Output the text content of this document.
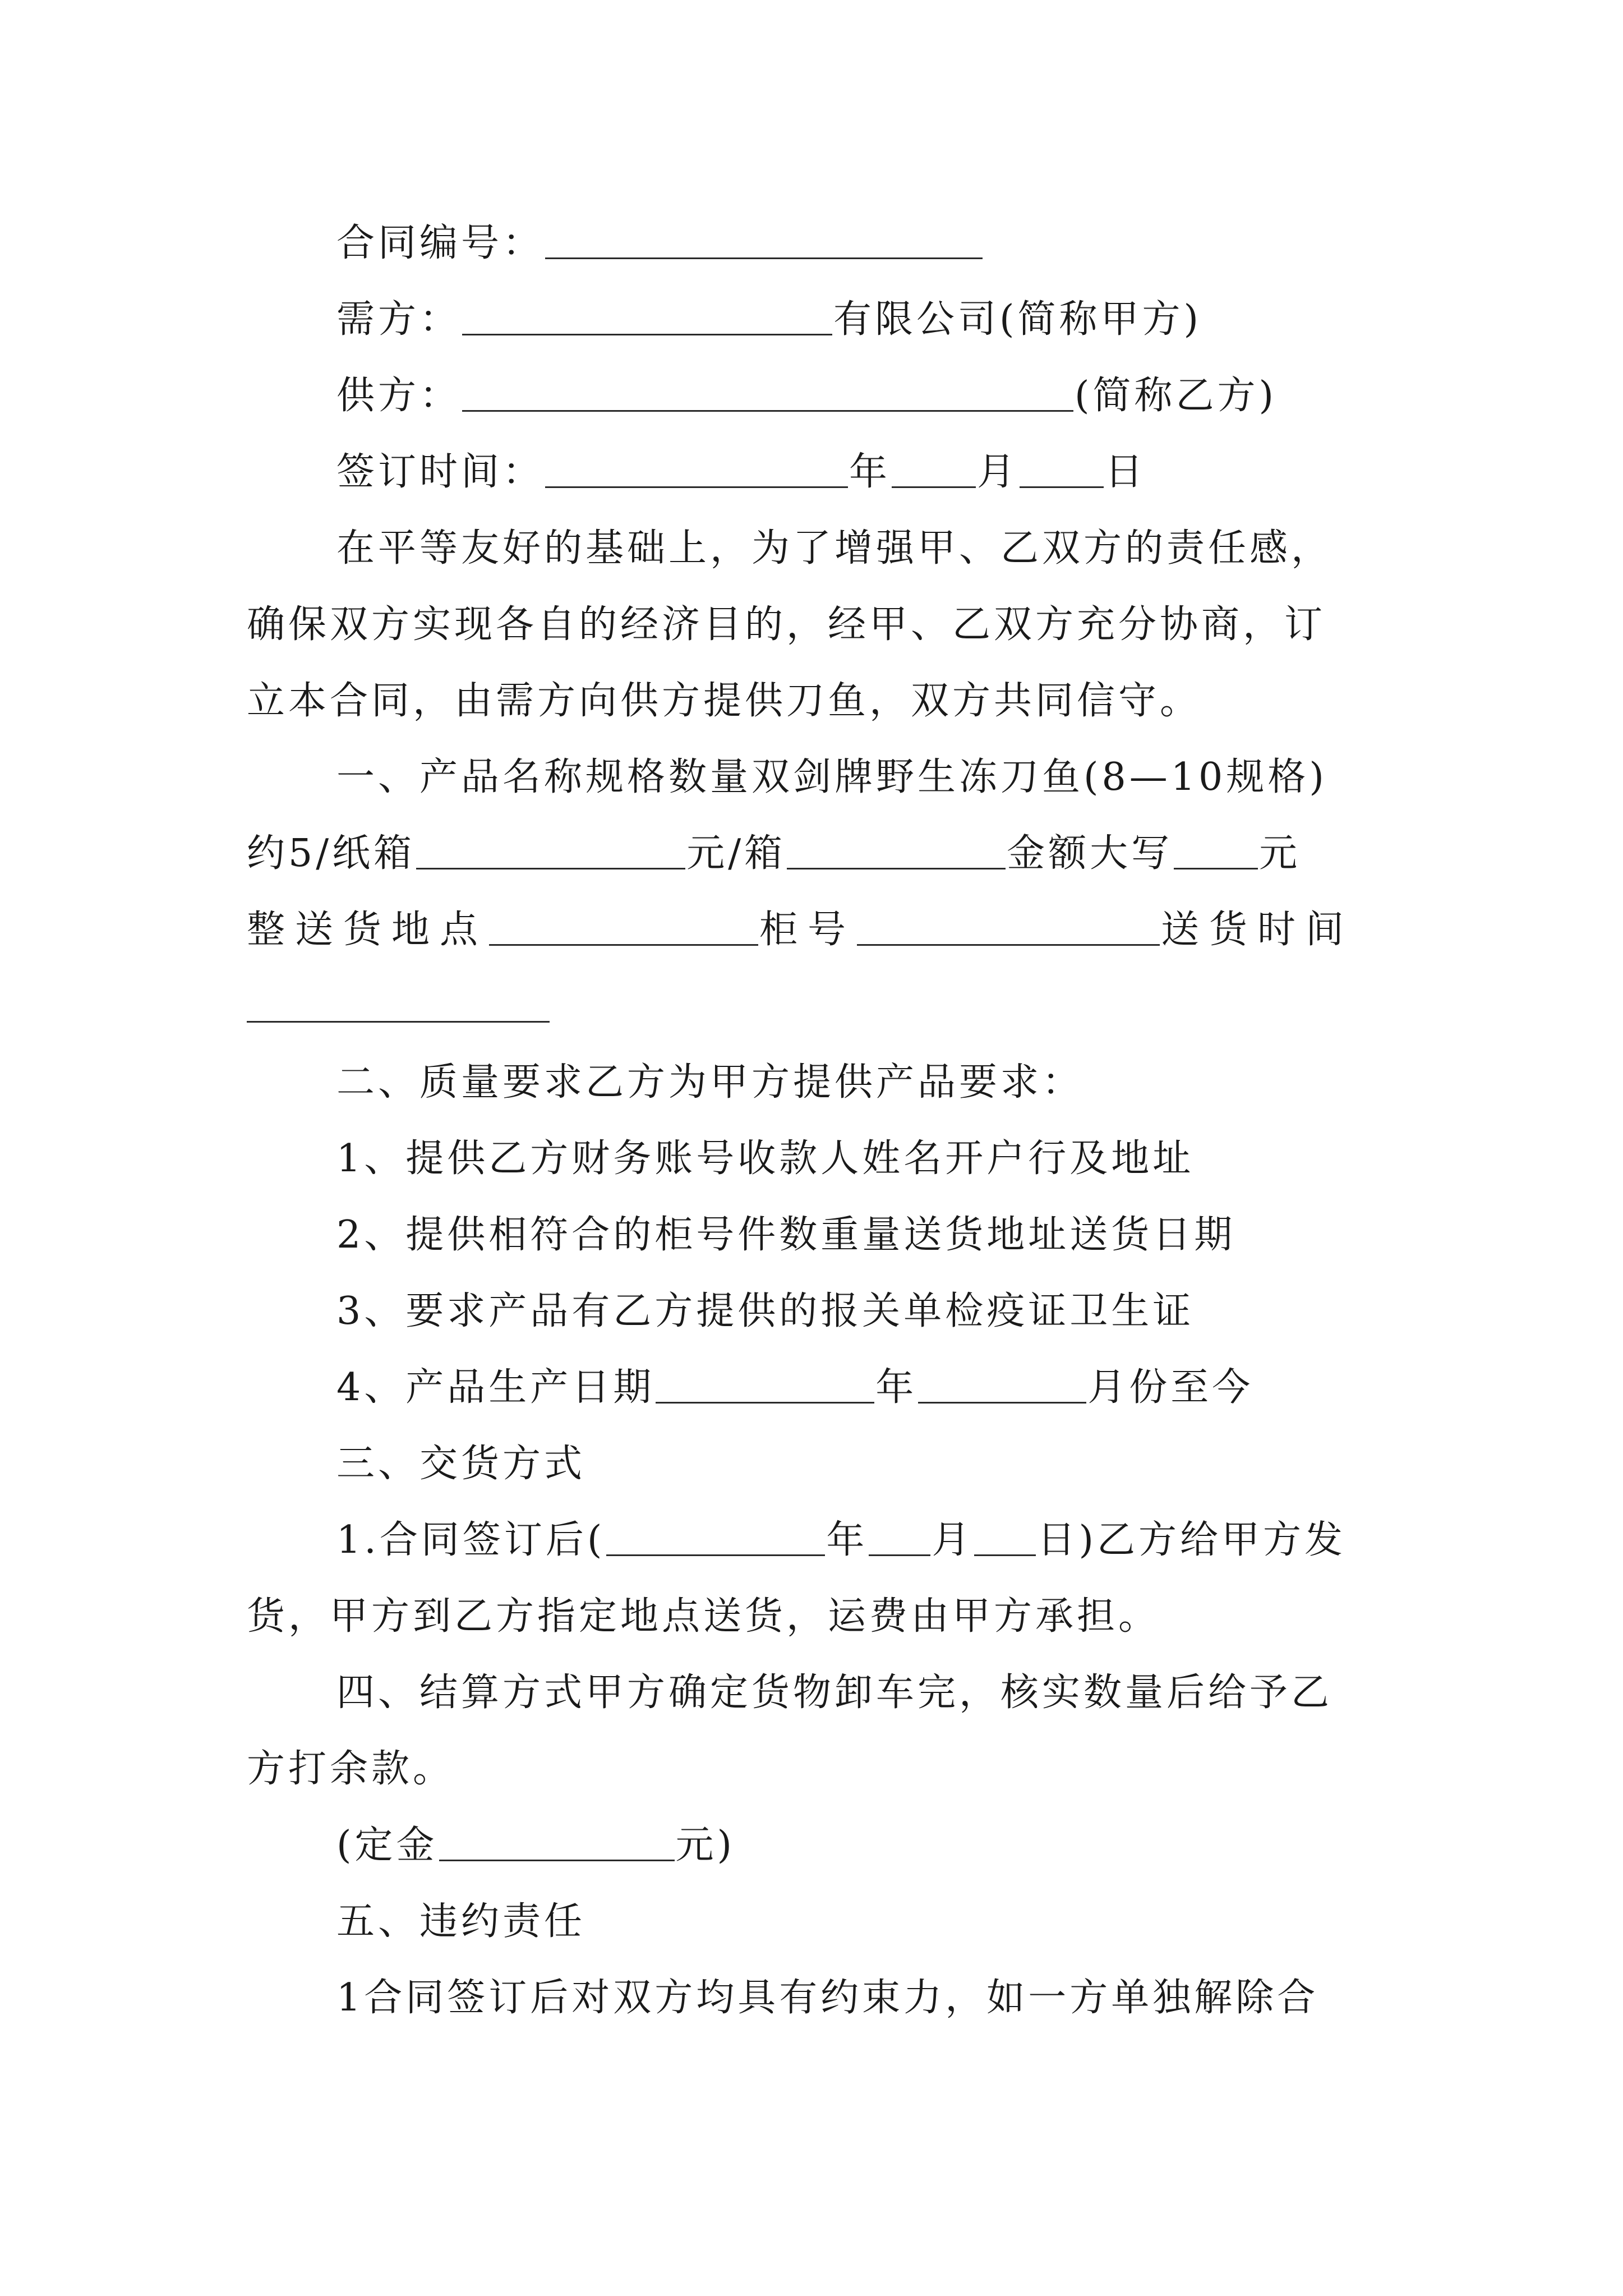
合同编号：
需方：	有限公司(简称甲方)
供方：	(简称乙方)
签订时间：	年 月 日
在平等友好的基础上，为了增强甲、乙双方的责任感，
确保双方实现各自的经济目的，经甲、乙双方充分协商，订
立本合同，由需方向供方提供刀鱼，双方共同信守。
一、产品名称规格数量双剑牌野生冻刀鱼(8—10规格)
约5/纸箱	元/箱	金额大写 元
整送货地点	柜号	送货时间
二、质量要求乙方为甲方提供产品要求：
1、提供乙方财务账号收款人姓名开户行及地址
2、提供相符合的柜号件数重量送货地址送货日期
3、要求产品有乙方提供的报关单检疫证卫生证
4、产品生产日期	年	月份至今
三、交货方式
1.合同签订后(	年 月 日)乙方给甲方发
货，甲方到乙方指定地点送货，运费由甲方承担。
四、结算方式甲方确定货物卸车完，核实数量后给予乙
方打余款。
(定金	元)
五、违约责任
1合同签订后对双方均具有约束力，如一方单独解除合
